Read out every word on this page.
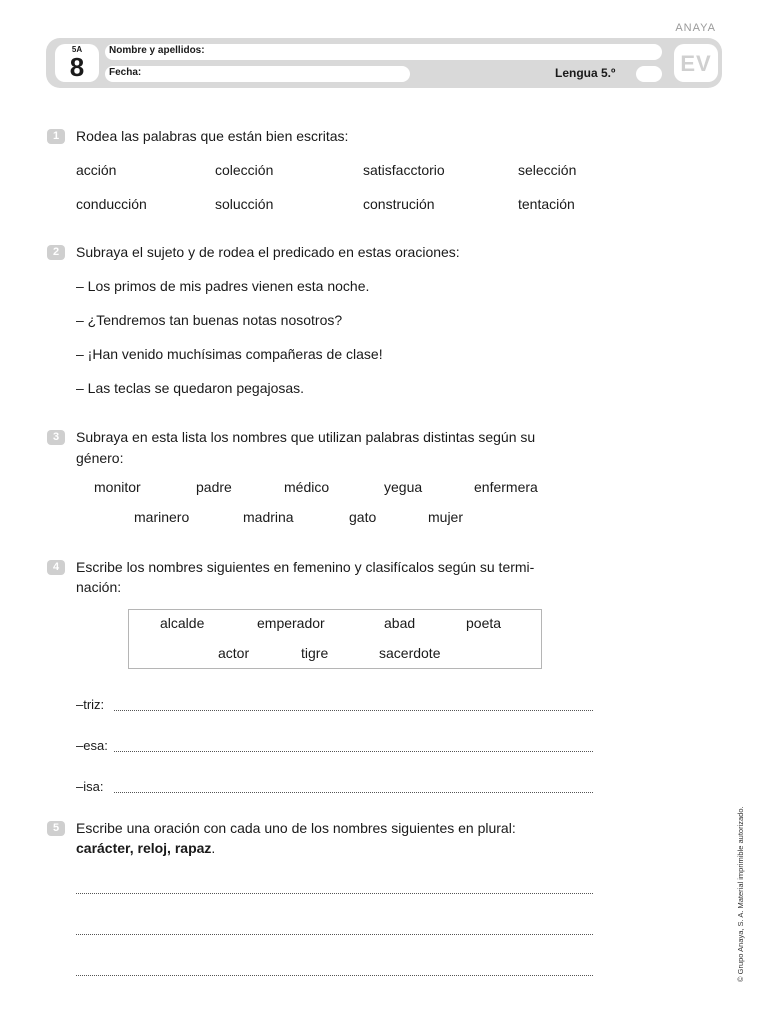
ANAYA
5A
8
Nombre y apellidos:
Fecha:	Lengua 5.º	EV
1	Rodea las palabras que están bien escritas:
acción	colección	satisfacctorio	selección
conducción	solucción	construción	tentación
2	Subraya el sujeto y de rodea el predicado en estas oraciones:
– Los primos de mis padres vienen esta noche.
– ¿Tendremos tan buenas notas nosotros?
– ¡Han venido muchísimas compañeras de clase!
– Las teclas se quedaron pegajosas.
3	Subraya en esta lista los nombres que utilizan palabras distintas según su
género:
monitor	padre	médico	yegua	enfermera
marinero	madrina	gato	mujer
4	Escribe los nombres siguientes en femenino y clasifícalos según su termi-
nación:
alcalde	emperador	abad	poeta
actor	tigre	sacerdote
–triz:
–esa:
–isa:
5	Escribe una oración con cada uno de los nombres siguientes en plural:
carácter, reloj, rapaz.	© Grupo Anaya, S. A. Material imprimible autorizado.
